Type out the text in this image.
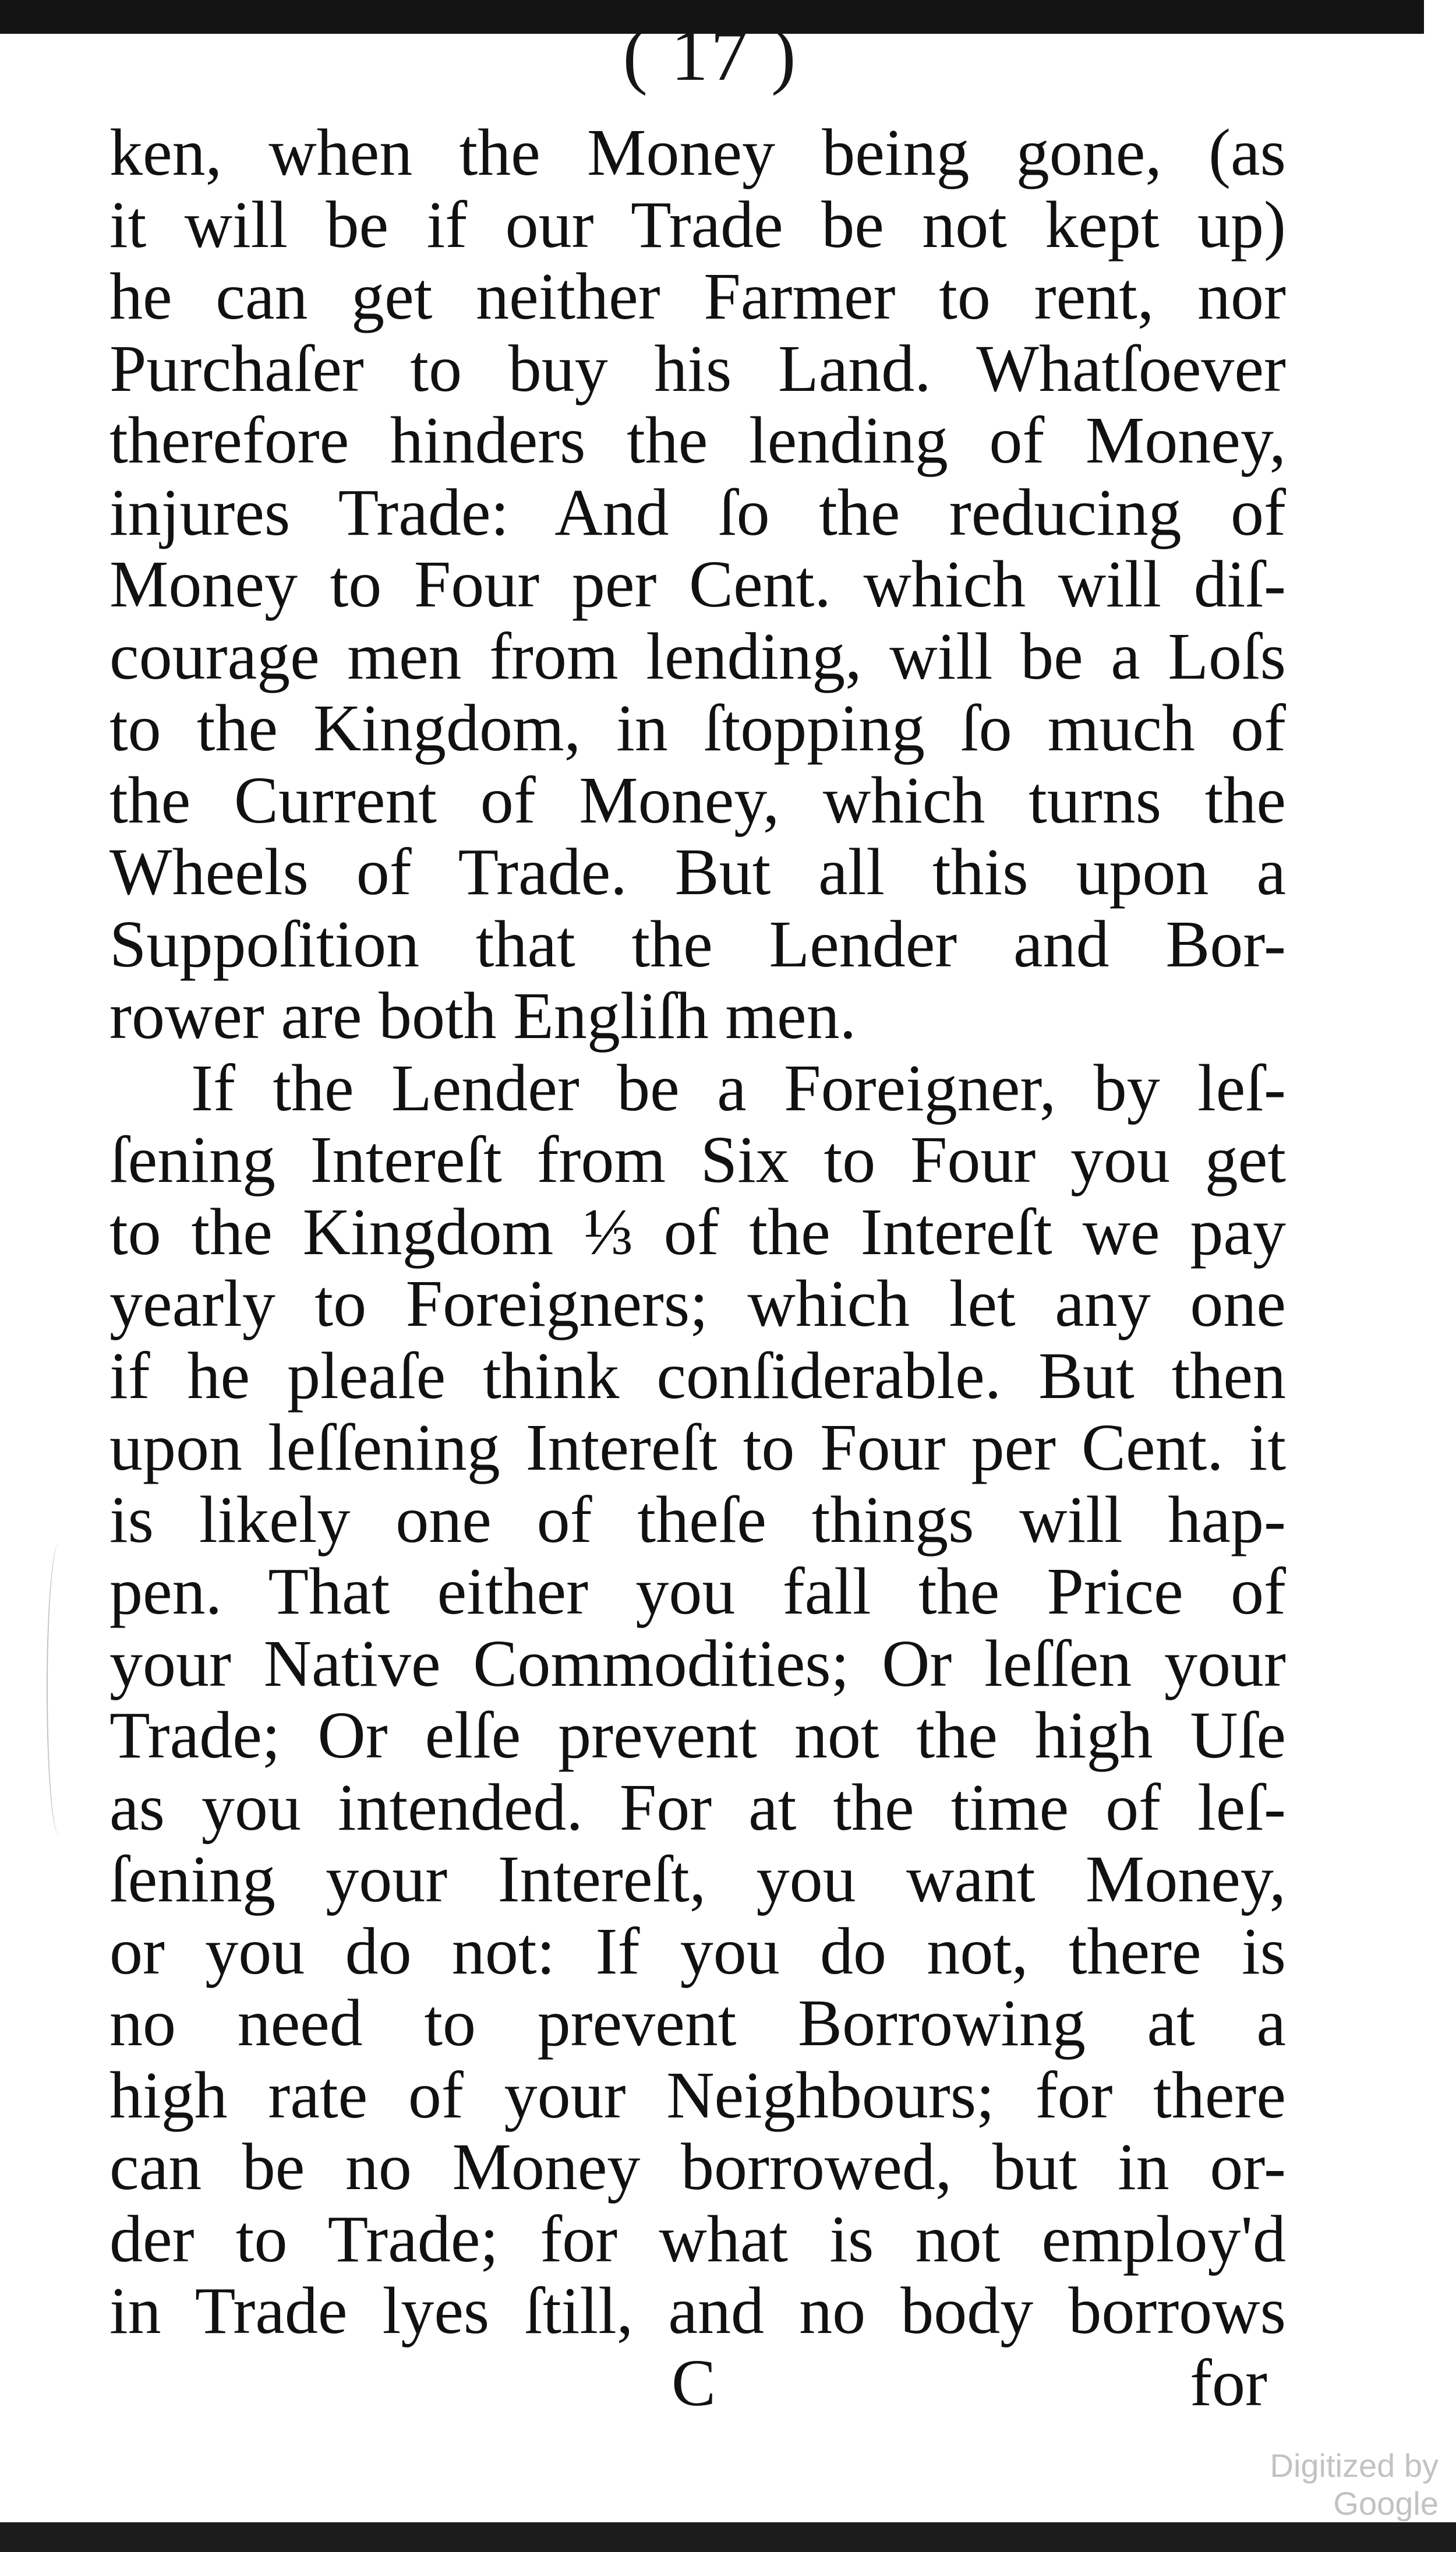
( 17 )
ken, when the Money being gone, (as
it will be if our Trade be not kept up)
he can get neither Farmer to rent, nor
Purchaſer to buy his Land. Whatſoever
therefore hinders the lending of Money,
injures Trade: And ſo the reducing of
Money to Four per Cent. which will diſ-
courage men from lending, will be a Loſs
to the Kingdom, in ſtopping ſo much of
the Current of Money, which turns the
Wheels of Trade. But all this upon a
Suppoſition that the Lender and Bor-
rower are both Engliſh men.
If the Lender be a Foreigner, by leſ-
ſening Intereſt from Six to Four you get
to the Kingdom ⅓ of the Intereſt we pay
yearly to Foreigners; which let any one
if he pleaſe think conſiderable. But then
upon leſſening Intereſt to Four per Cent. it
is likely one of theſe things will hap-
pen. That either you fall the Price of
your Native Commodities; Or leſſen your
Trade; Or elſe prevent not the high Uſe
as you intended. For at the time of leſ-
ſening your Intereſt, you want Money,
or you do not: If you do not, there is
no need to prevent Borrowing at a
high rate of your Neighbours; for there
can be no Money borrowed, but in or-
der to Trade; for what is not employ'd
in Trade lyes ſtill, and no body borrows
C	for
Digitized by Google
